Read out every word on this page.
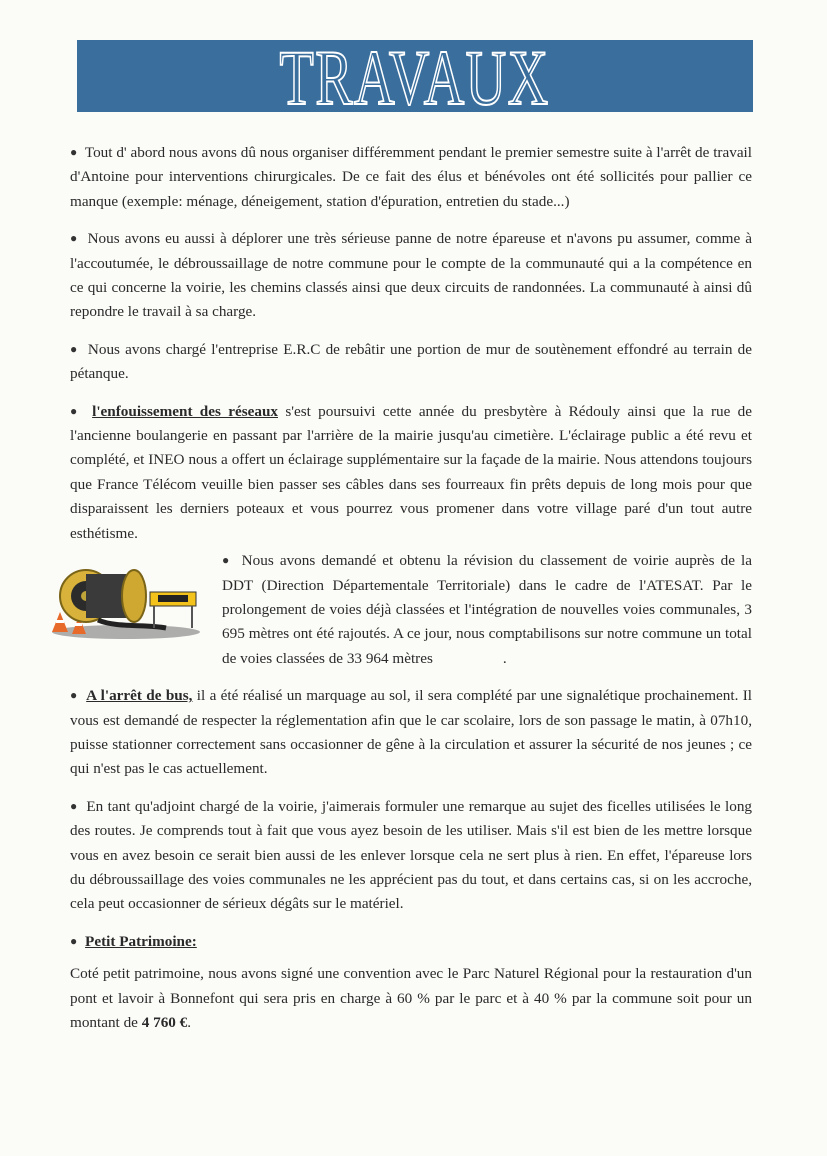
TRAVAUX

● Tout d' abord nous avons dû nous organiser différemment pendant le premier semestre suite à l'arrêt de travail d'Antoine pour interventions chirurgicales. De ce fait des élus et bénévoles ont été sollicités pour pallier ce manque (exemple: ménage, déneigement, station d'épuration, entretien du stade...)

● Nous avons eu aussi à déplorer une très sérieuse panne de notre épareuse et n'avons pu assumer, comme à l'accoutumée, le débroussaillage de notre commune pour le compte de la communauté qui a la compétence en ce qui concerne la voirie, les chemins classés ainsi que deux circuits de randonnées. La communauté à ainsi dû repondre le travail à sa charge.

● Nous avons chargé l'entreprise E.R.C de rebâtir une portion de mur de soutènement effondré au terrain de pétanque.

● l'enfouissement des réseaux s'est poursuivi cette année du presbytère à Rédouly ainsi que la rue de l'ancienne boulangerie en passant par l'arrière de la mairie jusqu'au cimetière. L'éclairage public a été revu et complété, et INEO nous a offert un éclairage supplémentaire sur la façade de la mairie. Nous attendons toujours que France Télécom veuille bien passer ses câbles dans ses fourreaux fin prêts depuis de long mois pour que disparaissent les derniers poteaux et vous pourrez vous promener dans votre village paré d'un tout autre esthétisme.

● Nous avons demandé et obtenu la révision du classement de voirie auprès de la DDT (Direction Départementale Territoriale) dans le cadre de l'ATESAT. Par le prolongement de voies déjà classées et l'intégration de nouvelles voies communales, 3 695 mètres ont été rajoutés. A ce jour, nous comptabilisons sur notre commune un total de voies classées de 33 964 mètres	.

● A l'arrêt de bus, il a été réalisé un marquage au sol, il sera complété par une signalétique prochainement. Il vous est demandé de respecter la réglementation afin que le car scolaire, lors de son passage le matin, à 07h10, puisse stationner correctement sans occasionner de gêne à la circulation et assurer la sécurité de nos jeunes ; ce qui n'est pas le cas actuellement.

● En tant qu'adjoint chargé de la voirie, j'aimerais formuler une remarque au sujet des ficelles utilisées le long des routes. Je comprends tout à fait que vous ayez besoin de les utiliser. Mais s'il est bien de les mettre lorsque vous en avez besoin ce serait bien aussi de les enlever lorsque cela ne sert plus à rien. En effet, l'épareuse lors du débroussaillage des voies communales ne les apprécient pas du tout, et dans certains cas, si on les accroche, cela peut occasionner de sérieux dégâts sur le matériel.

● Petit Patrimoine:

Coté petit patrimoine, nous avons signé une convention avec le Parc Naturel Régional pour la restauration d'un pont et lavoir à Bonnefont qui sera pris en charge à 60 % par le parc et à 40 % par la commune soit pour un montant de 4 760 €.
